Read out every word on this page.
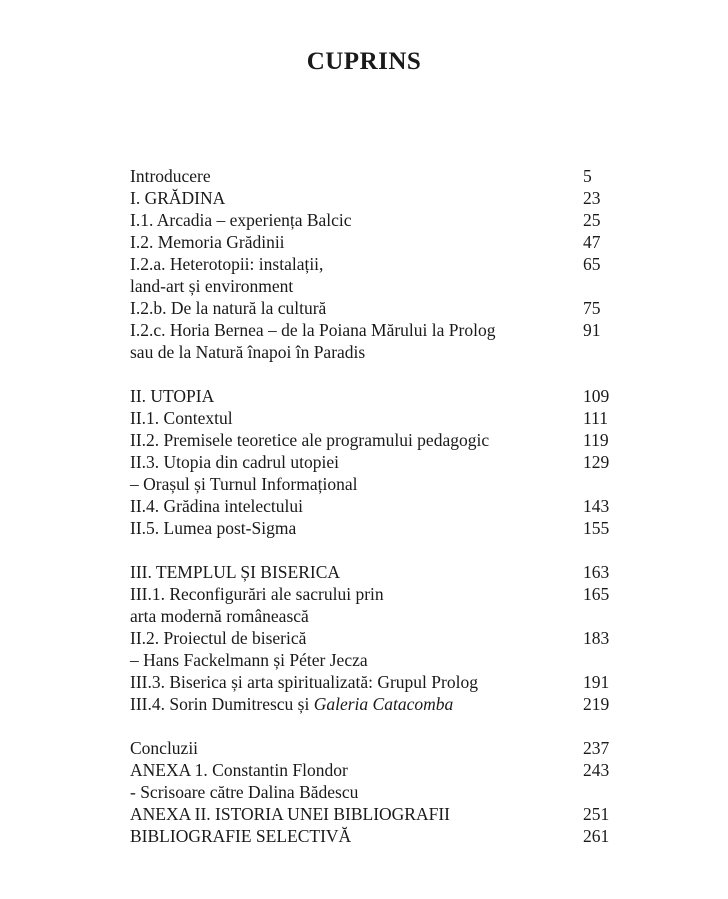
CUPRINS
Introducere	5
I. GRĂDINA	23
I.1. Arcadia – experiența Balcic	25
I.2. Memoria Grădinii	47
I.2.a. Heterotopii: instalații,	65
land-art și environment
I.2.b. De la natură la cultură	75
I.2.c. Horia Bernea – de la Poiana Mărului la Prolog	91
sau de la Natură înapoi în Paradis
II. UTOPIA	109
II.1. Contextul	111
II.2. Premisele teoretice ale programului pedagogic	119
II.3. Utopia din cadrul utopiei	129
– Orașul și Turnul Informațional
II.4. Grădina intelectului	143
II.5. Lumea post-Sigma	155
III. TEMPLUL ȘI BISERICA	163
III.1. Reconfigurări ale sacrului prin	165
arta modernă românească
II.2. Proiectul de biserică	183
– Hans Fackelmann și Péter Jecza
III.3. Biserica și arta spiritualizată: Grupul Prolog	191
III.4. Sorin Dumitrescu și Galeria Catacomba	219
Concluzii	237
ANEXA 1. Constantin Flondor	243
- Scrisoare către Dalina Bădescu
ANEXA II. ISTORIA UNEI BIBLIOGRAFII	251
BIBLIOGRAFIE SELECTIVĂ	261
